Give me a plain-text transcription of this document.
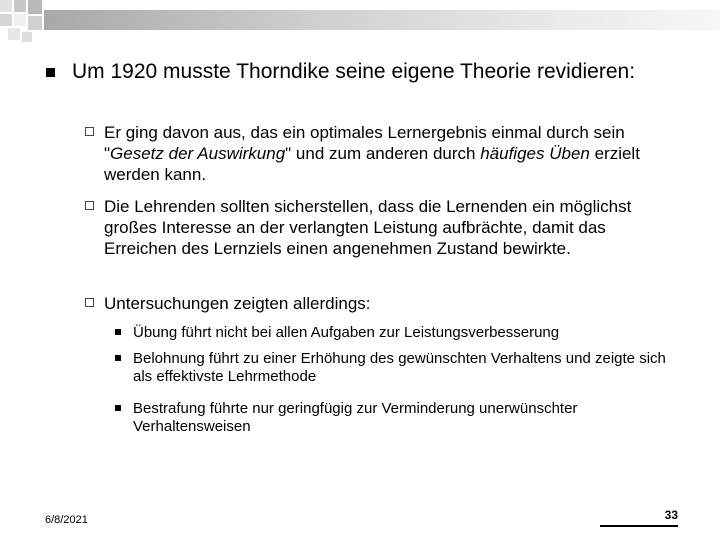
Um 1920 musste Thorndike seine eigene Theorie revidieren:
Er ging davon aus, das ein optimales Lernergebnis einmal durch sein "Gesetz der Auswirkung" und zum anderen durch häufiges Üben erzielt werden kann.
Die Lehrenden sollten sicherstellen, dass die Lernenden ein möglichst großes Interesse an der verlangten Leistung aufbrächte, damit das Erreichen des Lernziels einen angenehmen Zustand bewirkte.
Untersuchungen zeigten allerdings:
Übung führt nicht bei allen Aufgaben zur Leistungsverbesserung
Belohnung führt zu einer Erhöhung des gewünschten Verhaltens und zeigte sich als effektivste Lehrmethode
Bestrafung führte nur geringfügig zur Verminderung unerwünschter Verhaltensweisen
6/8/2021	33
